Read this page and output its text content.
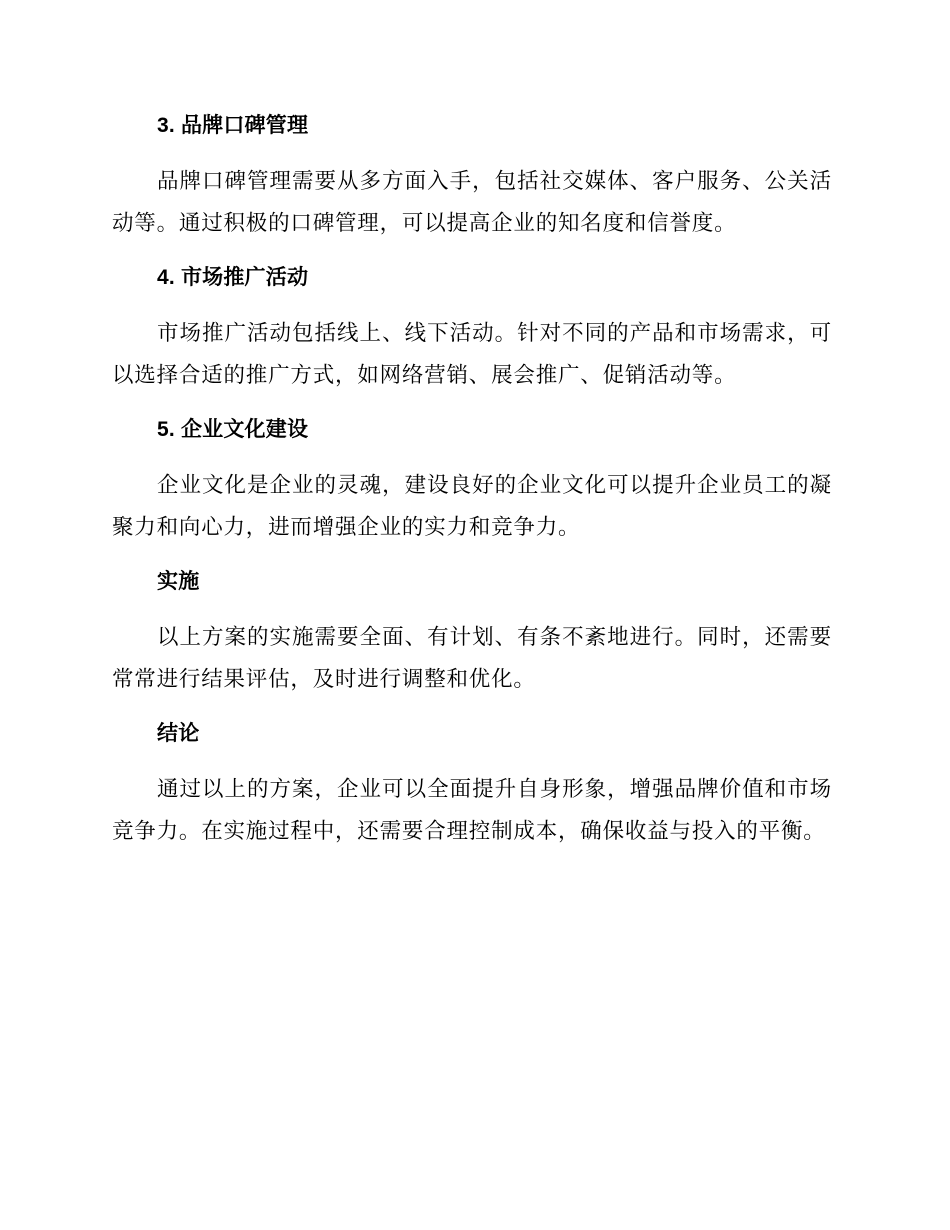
3. 品牌口碑管理

品牌口碑管理需要从多方面入手，包括社交媒体、客户服务、公关活动等。通过积极的口碑管理，可以提高企业的知名度和信誉度。

4. 市场推广活动

市场推广活动包括线上、线下活动。针对不同的产品和市场需求，可以选择合适的推广方式，如网络营销、展会推广、促销活动等。

5. 企业文化建设

企业文化是企业的灵魂，建设良好的企业文化可以提升企业员工的凝聚力和向心力，进而增强企业的实力和竞争力。

实施

以上方案的实施需要全面、有计划、有条不紊地进行。同时，还需要常常进行结果评估，及时进行调整和优化。

结论

通过以上的方案，企业可以全面提升自身形象，增强品牌价值和市场竞争力。在实施过程中，还需要合理控制成本，确保收益与投入的平衡。
